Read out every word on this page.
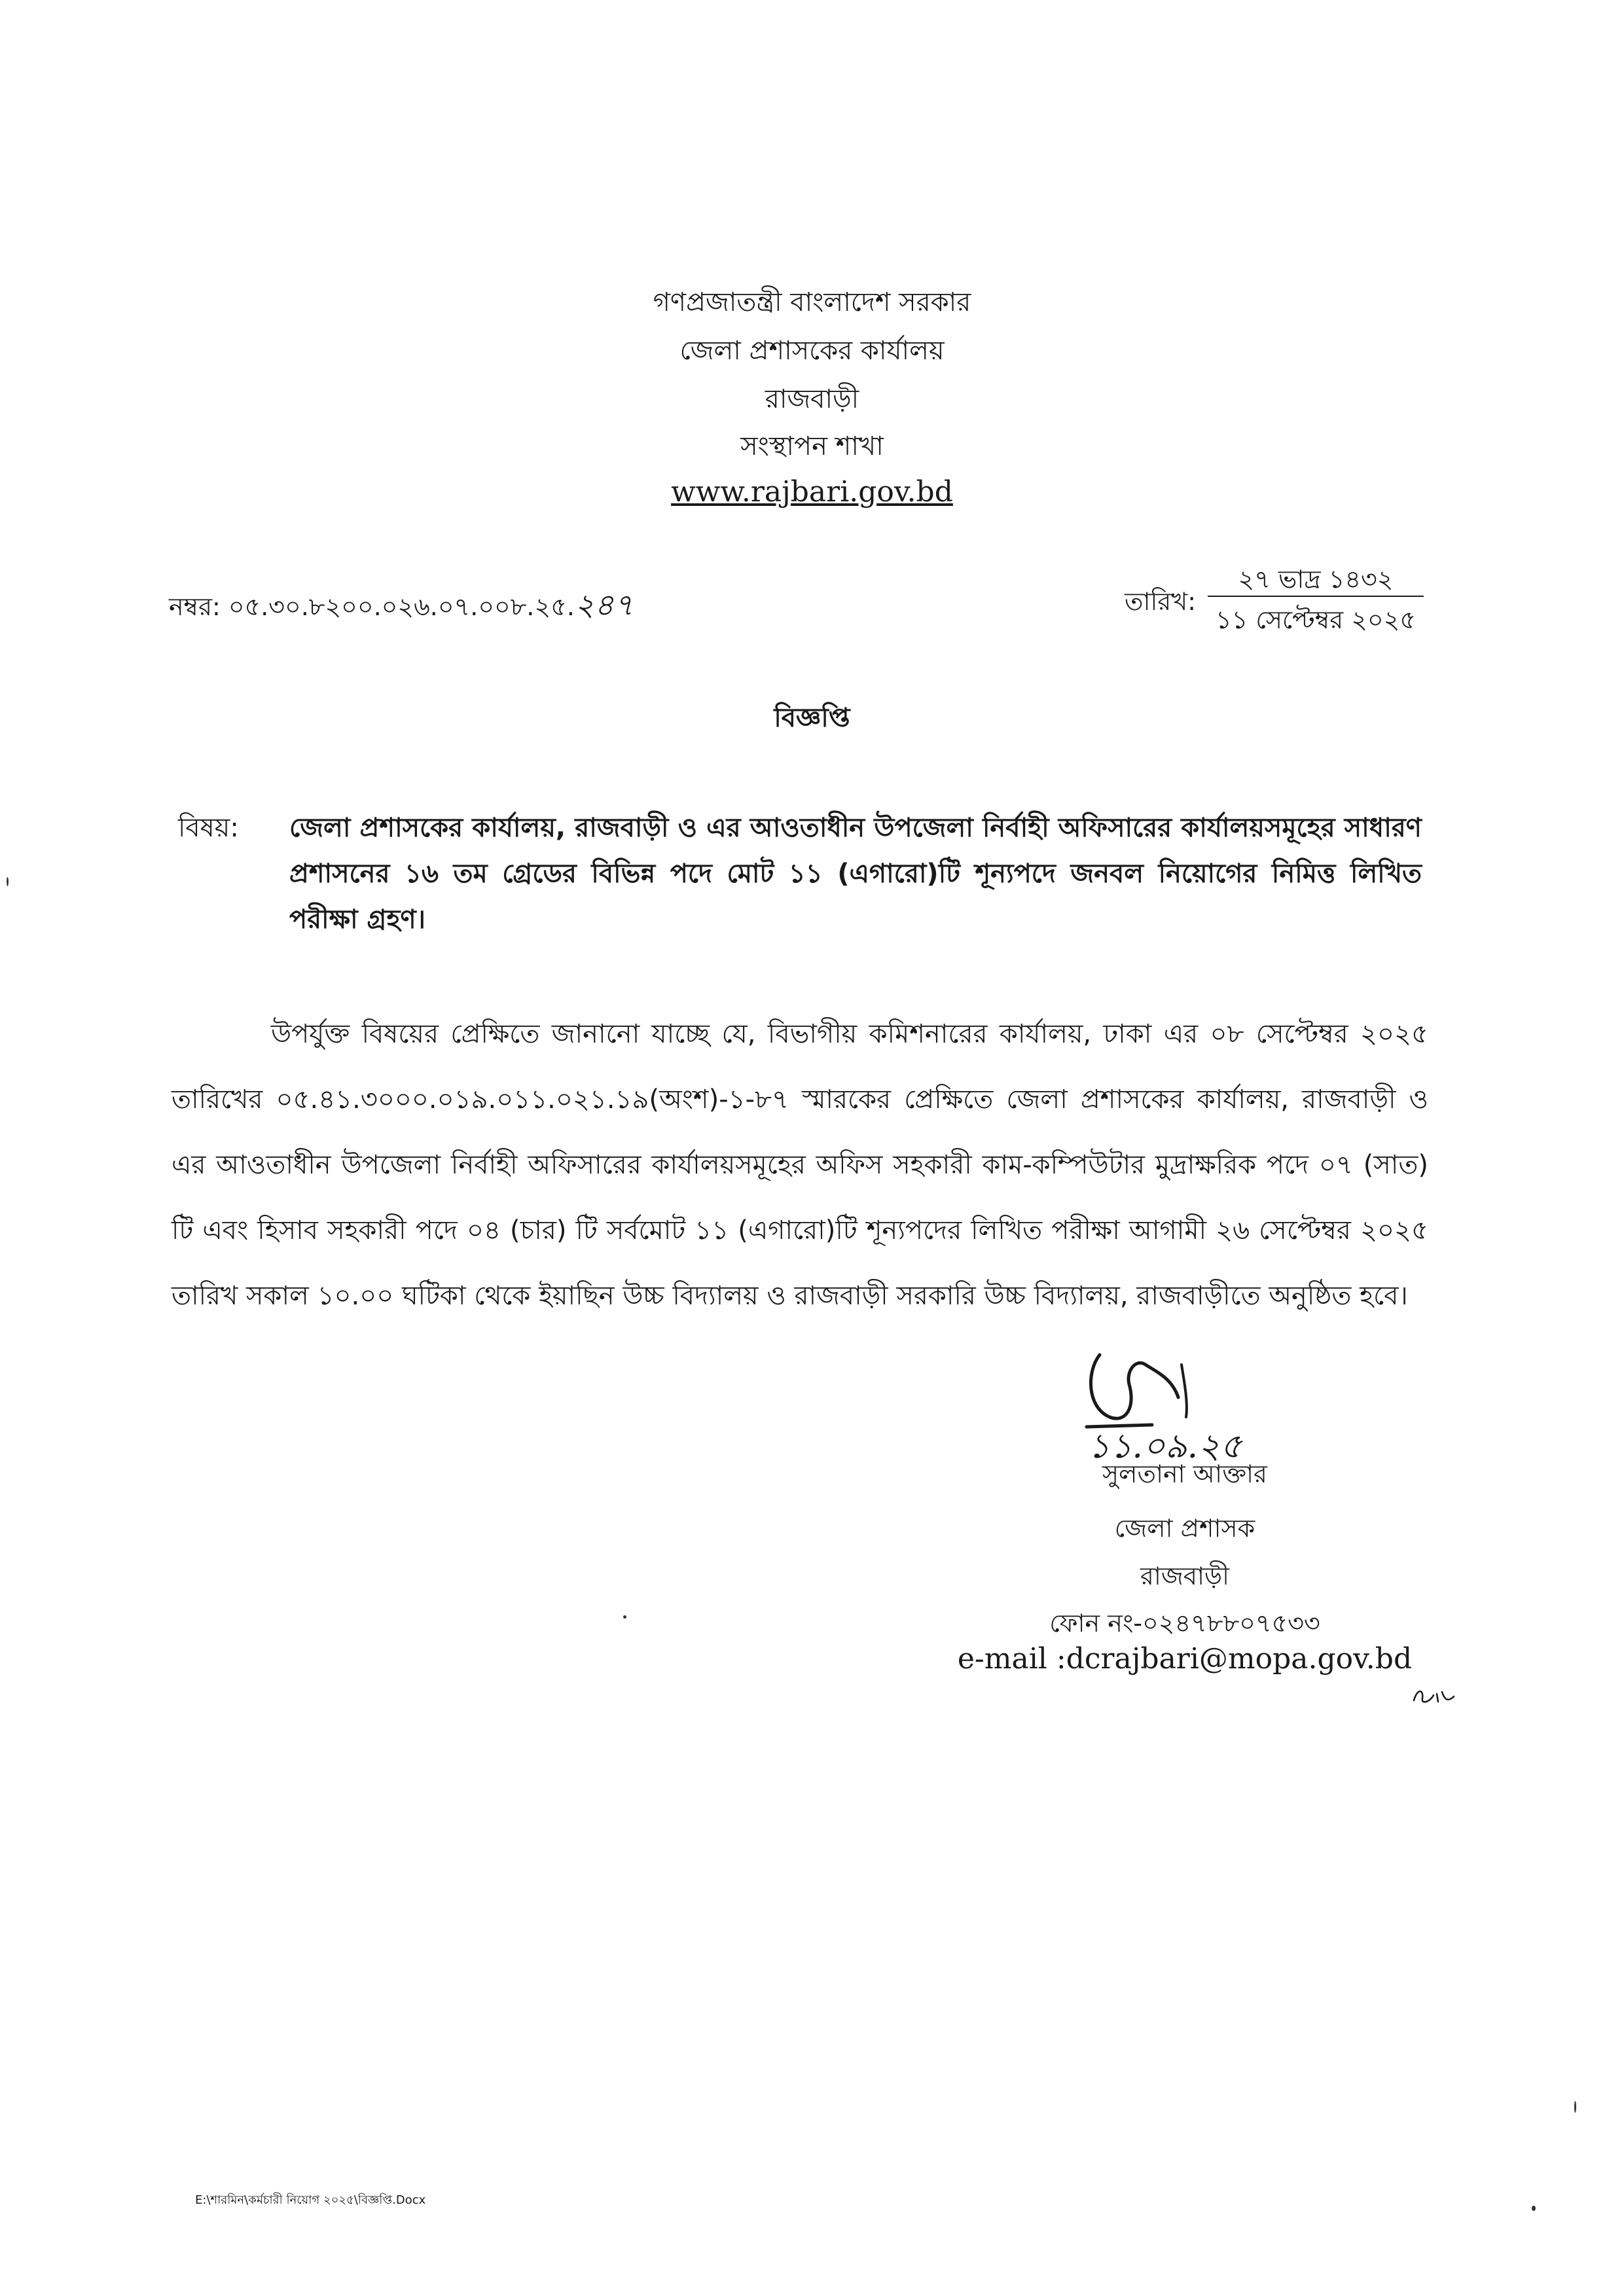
গণপ্রজাতন্ত্রী বাংলাদেশ সরকার
জেলা প্রশাসকের কার্যালয়
রাজবাড়ী
সংস্থাপন শাখা
www.rajbari.gov.bd
নম্বর: ০৫.৩০.৮২০০.০২৬.০৭.০০৮.২৫.২৪৭	তারিখ:
২৭ ভাদ্র ১৪৩২
১১ সেপ্টেম্বর ২০২৫
বিজ্ঞপ্তি
বিষয়: জেলা প্রশাসকের কার্যালয়, রাজবাড়ী ও এর আওতাধীন উপজেলা নির্বাহী অফিসারের কার্যালয়সমূহের সাধারণ প্রশাসনের ১৬ তম গ্রেডের বিভিন্ন পদে মোট ১১ (এগারো)টি শূন্যপদে জনবল নিয়োগের নিমিত্ত লিখিত পরীক্ষা গ্রহণ।
উপর্যুক্ত বিষয়ের প্রেক্ষিতে জানানো যাচ্ছে যে, বিভাগীয় কমিশনারের কার্যালয়, ঢাকা এর ০৮ সেপ্টেম্বর ২০২৫ তারিখের ০৫.৪১.৩০০০.০১৯.০১১.০২১.১৯(অংশ)-১-৮৭ স্মারকের প্রেক্ষিতে জেলা প্রশাসকের কার্যালয়, রাজবাড়ী ও এর আওতাধীন উপজেলা নির্বাহী অফিসারের কার্যালয়সমূহের অফিস সহকারী কাম-কম্পিউটার মুদ্রাক্ষরিক পদে ০৭ (সাত) টি এবং হিসাব সহকারী পদে ০৪ (চার) টি সর্বমোট ১১ (এগারো)টি শূন্যপদের লিখিত পরীক্ষা আগামী ২৬ সেপ্টেম্বর ২০২৫ তারিখ সকাল ১০.০০ ঘটিকা থেকে ইয়াছিন উচ্চ বিদ্যালয় ও রাজবাড়ী সরকারি উচ্চ বিদ্যালয়, রাজবাড়ীতে অনুষ্ঠিত হবে।
১১.০৯.২৫
সুলতানা আক্তার
জেলা প্রশাসক
রাজবাড়ী
ফোন নং-০২৪৭৮৮০৭৫৩৩
e-mail :dcrajbari@mopa.gov.bd
E:\শারমিন\কর্মচারী নিয়োগ ২০২৫\বিজ্ঞপ্তি.Docx
